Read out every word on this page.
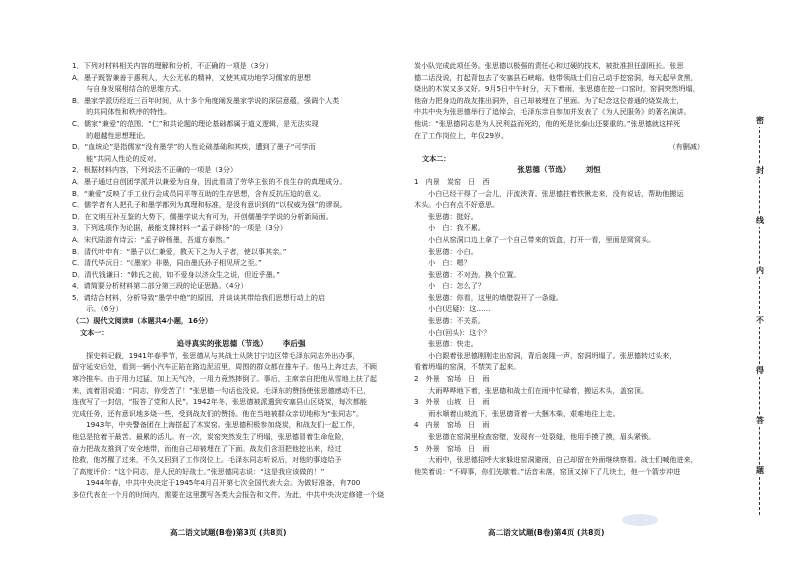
1．下列对材料相关内容的理解和分析，不正确的一项是（3分）
A．墨子既智兼善于惠利人，大公无私的精神，又使其成功地学习儒家的思想
　　与自身发展相结合的思维方式。
B．墨家学派历经近三百年时间，从十多个角度阐发墨家学说的深层意蕴，强调个人类
　　的共同体性和秩序的特性。
C．儒家“兼爱”的范围、“仁”和共论题的理论基础都属于道义逻辑，是无法实现
　　的超越性思想理论。
D．“血统论”是指儒家“没有墨学”的人性论础基础和其疾，遭到了墨子“可学而
　　能”共同人性论的反对。
2．根据材料内容，下列说法不正确的一项是（3分）
A．墨子通过自创团学派并以兼爱为自身，因此看清了劳华主张的不良生存的真理成分。
B．“兼爱”反映了手工业行会成员同平等互助的生存思想，含有反抗压迫的意义。
C．儒学者有人把孔子和墨学都列为真理和标准，是没有意识到的“以权威为强”的谬误。
D．在文明互补互鉴的大势下，儒墨学说大有可为，开创儒墨学学说的分析新局面。
3．下列选项作为论据，最能支撑材料一“孟子辟杨”的一项是（3分）
A．宋代陆游有诗云：“孟子辟杨墨，吾道方泰然。”
B．清代叶申有：“墨子以仁兼爱，教天下之为人子者，使以事其亲。”
C．清代毕沅日：“《墨家》非墨，同由墨氏孙子相见所之至。”
D．清代钱谦曰：“韩氏之前，如不爱身以济众生之说，但近乎墨。”
4．请简要分析材料第二部分第三段的论证思路。（4分）
5．请结合材料，分析导致“墨学中绝”的原因，并谈谈其带给我们思想行动上的启
　　示。（6分）
（二）现代文阅读Ⅱ（本题共4小题，16分）
文本一：
追寻真实的张思德（节选）   李后强
　　探史料记载，1941年春季节，张思德从与其战士从陕甘宁边区带毛泽东同志外出办事，
留守延安后处，看到一辆小汽车正陷在路边泥沼里，周围的群众都在推车子。他马上奔过去，不顾
寒冷推车。由于用力过猛，加上天气冷，一用力竟然摔倒了。事后，主席亲自把他从雪地上扶了起
来，流着泪说道：“同志，你受苦了！”张思德一句话也没说。毛泽东的赞扬使张思德感动不已，
连夜写了一封信，“报答了党和人民”。1942年冬，张思德被派遣到安塞县山区烧炭，每次都能
完成任务，还有意识地多烧一些，受到战友们的赞扬。他在当地被群众亲切地称为“张同志”。
　　1943年，中央警备团在上海搭起了木炭窑。张思德积极参加烧炭，和战友们一起工作，
他总是抢着干最苦、最累的活儿。有一次，炭窑突然发生了坍塌，张思德冒着生命危险，
奋力把战友推到了安全地带，而他自己却被埋在了下面。战友们含泪把他挖出来，经过
抢救，他苏醒了过来，不久又回到了工作岗位上。毛泽东同志听说后，对他的事迹给予
了高度评价：“这个同志，是人民的好战士。”张思德同志说：“这是我应该做的！”
　　1944年春，中共中央决定于1945年4月召开第七次全国代表大会。为做好准备，有700
多位代表在一个月的时间内，需要在这里撰写各类大会报告和文件。为此，中共中央决定修建一个烧
炭小队完成此项任务。张思德以极强的责任心和过硬的技术，被批准担任副班长。张思
德二话没说，打起背包去了安塞县石峡峪。他带领战士们自己动手挖窑洞，每天起早贪黑，
烧出的木炭又多又好。9月5日中午时分，天下着雨，张思德在挖一口窑时，窑洞突然坍塌，
他奋力把身边的战友推出洞外，自己却被埋在了里面。为了纪念这位普通的烧炭战士，
中共中央为张思德举行了追悼会，毛泽东亲自参加并发表了《为人民服务》的著名演讲。
他说：“张思德同志是为人民利益而死的，他的死是比泰山还要重的。”张思德就这样死
在了工作岗位上，年仅29岁。
（有删减）
文本二：
张思德（节选）   刘恒
1　内景　炭窑　日　西
　　小白已经干得了一会儿，汗流浃背。张思德拄着铁锹走来，没有说话，帮助他搬运
木头。小白有点不好意思。
　　张思德：挺好。
　　小　白：我不累。
　　小白从窑洞口边上拿了一个自己带来的饭盒，打开一看，里面是窝窝头。
　　张思德：小白。
　　小　白：嗯？
　　张思德：不对劲，换个位置。
　　小　白：怎么了？
　　张思德：你看，这里的墙壁裂开了一条缝。
　　小白(迟疑)：这……
　　张思德：不关系。
　　小白(回头)：这个？
　　张思德：快走。
　　小白跟着张思德刚刚走出窑洞，背后轰隆一声，窑洞坍塌了。张思德转过头来，
看着坍塌的窑洞，不禁笑了起来。
2　外景　窑场　日　雨
　　大雨哗哗地下着，张思德和战士们在雨中忙碌着，搬运木头，盖窑顶。
3　外景　山坡　日　雨
　　雨水顺着山坡流下，张思德背着一大捆木柴，艰难地往上走。
4　内景　窑场　日　雨
　　张思德在窑洞里检查窑壁，发现有一处裂缝，他用手摸了摸，眉头紧锁。
5　外景　窑场　日　雨
　　大雨中，张思德招呼大家躲进窑洞避雨，自己却留在外面继续察看。战士们喊他进来，
他笑着说：“不碍事，你们先歇着。”话音未落，窑顶又掉下了几块土，他一个箭步冲进
高二语文试题(B卷)第3页 (共8页)	高二语文试题(B卷)第4页 (共8页)
密
封
线
内
不
得
答
题
